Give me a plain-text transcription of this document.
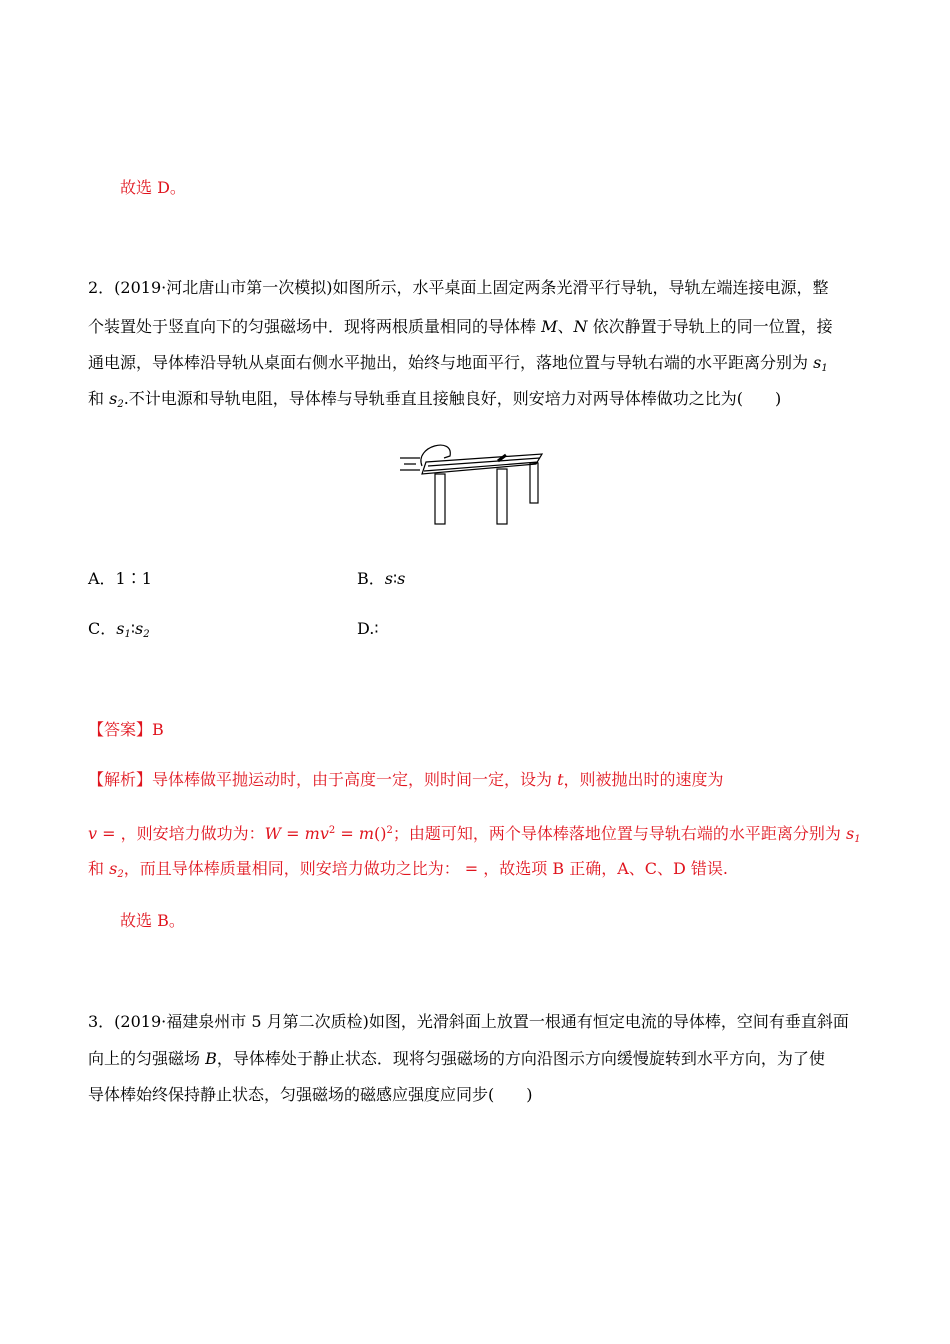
故选 D。
2．(2019·河北唐山市第一次模拟)如图所示，水平桌面上固定两条光滑平行导轨，导轨左端连接电源，整
个装置处于竖直向下的匀强磁场中．现将两根质量相同的导体棒 M、N 依次静置于导轨上的同一位置，接
通电源，导体棒沿导轨从桌面右侧水平抛出，始终与地面平行，落地位置与导轨右端的水平距离分别为 $s_1$
和 $s_2$.不计电源和导轨电阻，导体棒与导轨垂直且接触良好，则安培力对两导体棒做功之比为(　　)
A．1∶1	B．s∶s
C．$s_1∶s_2$	D.∶
【答案】B
【解析】导体棒做平抛运动时，由于高度一定，则时间一定，设为 t，则被抛出时的速度为
v = ，则安培力做功为：$W = mv^2 = m()^2$；由题可知，两个导体棒落地位置与导轨右端的水平距离分别为 $s_1$
和 $s_2$，而且导体棒质量相同，则安培力做功之比为： = ，故选项 B 正确，A、C、D 错误.
故选 B。
3．(2019·福建泉州市 5 月第二次质检)如图，光滑斜面上放置一根通有恒定电流的导体棒，空间有垂直斜面
向上的匀强磁场 B，导体棒处于静止状态．现将匀强磁场的方向沿图示方向缓慢旋转到水平方向，为了使
导体棒始终保持静止状态，匀强磁场的磁感应强度应同步(　　)
